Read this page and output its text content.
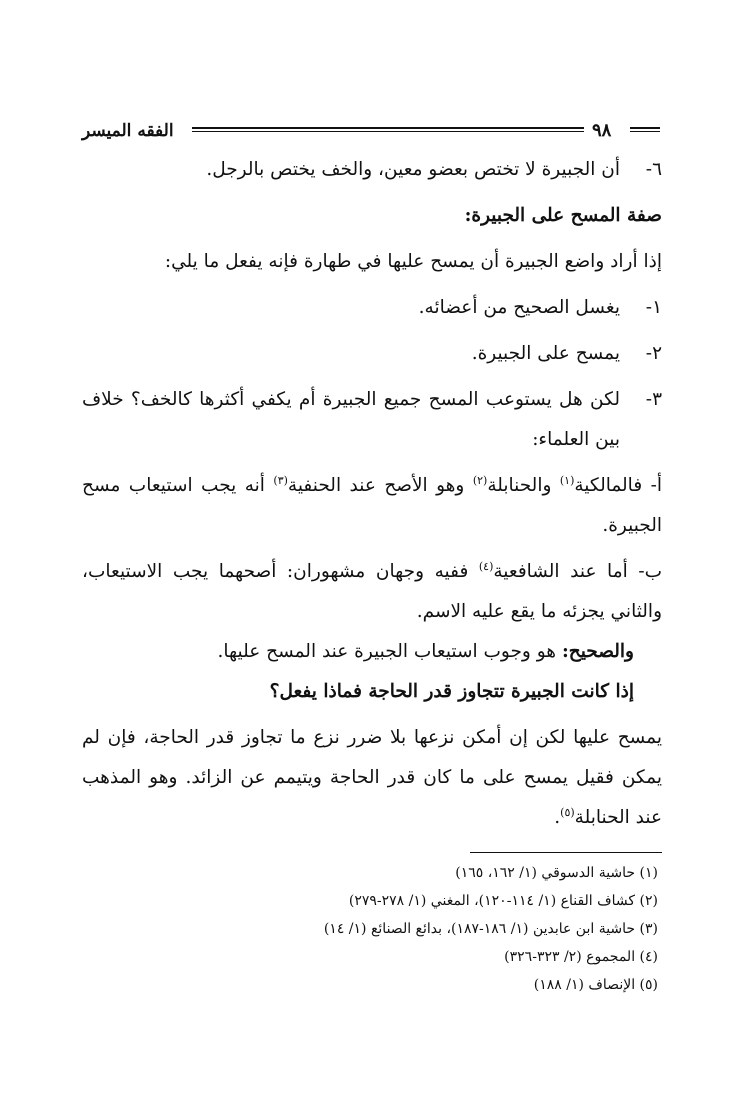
الفقه الميسر	٩٨

٦-
أن الجبيرة لا تختص بعضو معين، والخف يختص بالرجل.

صفة المسح على الجبيرة:

إذا أراد واضع الجبيرة أن يمسح عليها في طهارة فإنه يفعل ما يلي:

١-
يغسل الصحيح من أعضائه.

٢-
يمسح على الجبيرة.

٣-
لكن هل يستوعب المسح جميع الجبيرة أم يكفي أكثرها كالخف؟ خلاف بين العلماء:

أ- فالمالكية$^{(١)}$ والحنابلة$^{(٢)}$ وهو الأصح عند الحنفية$^{(٣)}$ أنه يجب استيعاب مسح الجبيرة.

ب- أما عند الشافعية$^{(٤)}$ ففيه وجهان مشهوران: أصحهما يجب الاستيعاب، والثاني يجزئه ما يقع عليه الاسم.

والصحيح: هو وجوب استيعاب الجبيرة عند المسح عليها.

إذا كانت الجبيرة تتجاوز قدر الحاجة فماذا يفعل؟

يمسح عليها لكن إن أمكن نزعها بلا ضرر نزع ما تجاوز قدر الحاجة، فإن لم يمكن فقيل يمسح على ما كان قدر الحاجة ويتيمم عن الزائد. وهو المذهب عند الحنابلة$^{(٥)}$.

(١) حاشية الدسوقي (١/ ١٦٢، ١٦٥)

(٢) كشاف القناع (١/ ١١٤-١٢٠)، المغني (١/ ٢٧٨-٢٧٩)

(٣) حاشية ابن عابدين (١/ ١٨٦-١٨٧)، بدائع الصنائع (١/ ١٤)

(٤) المجموع (٢/ ٣٢٣-٣٢٦)

(٥) الإنصاف (١/ ١٨٨)
